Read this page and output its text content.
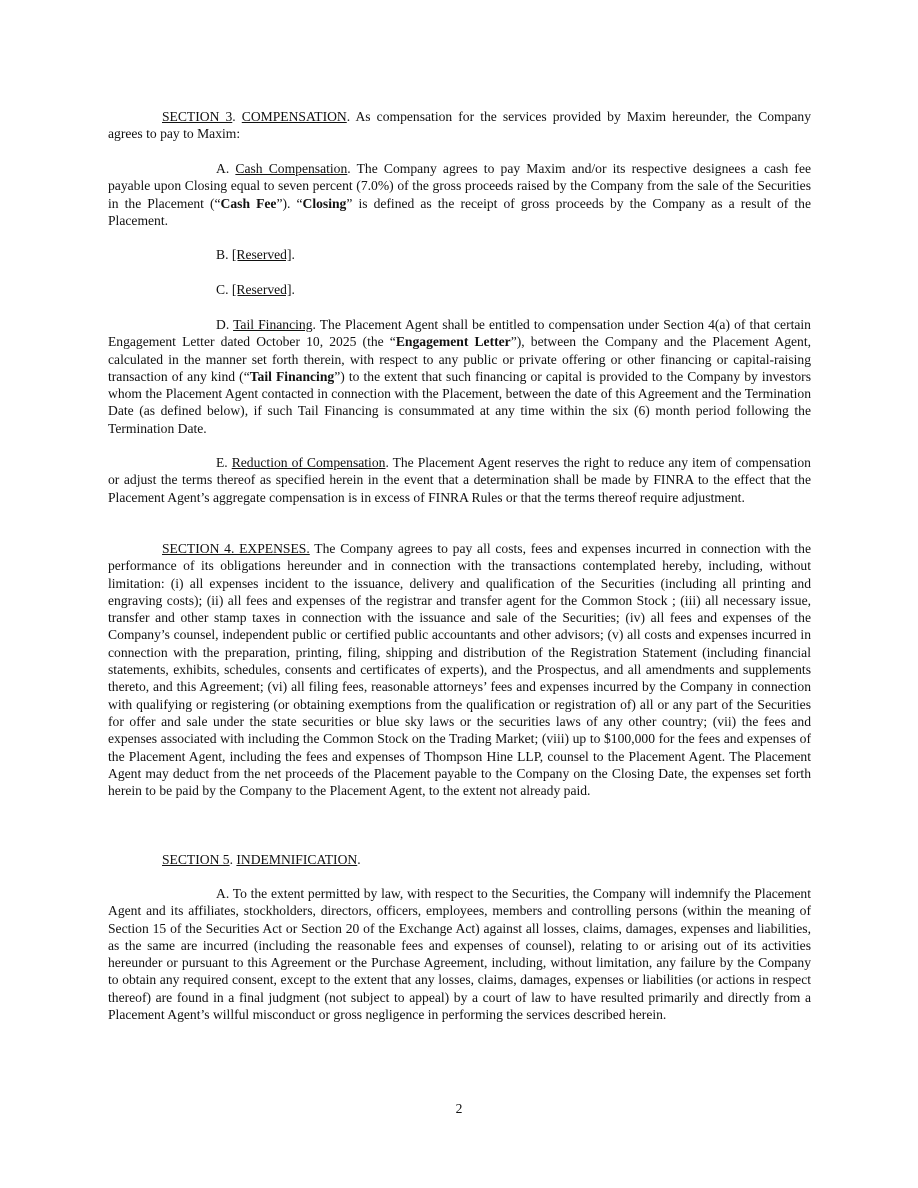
SECTION 3. COMPENSATION. As compensation for the services provided by Maxim hereunder, the Company agrees to pay to Maxim:

A. Cash Compensation. The Company agrees to pay Maxim and/or its respective designees a cash fee payable upon Closing equal to seven percent (7.0%) of the gross proceeds raised by the Company from the sale of the Securities in the Placement (“Cash Fee”). “Closing” is defined as the receipt of gross proceeds by the Company as a result of the Placement.

B. [Reserved].

C. [Reserved].

D. Tail Financing. The Placement Agent shall be entitled to compensation under Section 4(a) of that certain Engagement Letter dated October 10, 2025 (the “Engagement Letter”), between the Company and the Placement Agent, calculated in the manner set forth therein, with respect to any public or private offering or other financing or capital-raising transaction of any kind (“Tail Financing”) to the extent that such financing or capital is provided to the Company by investors whom the Placement Agent contacted in connection with the Placement, between the date of this Agreement and the Termination Date (as defined below), if such Tail Financing is consummated at any time within the six (6) month period following the Termination Date.

E. Reduction of Compensation. The Placement Agent reserves the right to reduce any item of compensation or adjust the terms thereof as specified herein in the event that a determination shall be made by FINRA to the effect that the Placement Agent’s aggregate compensation is in excess of FINRA Rules or that the terms thereof require adjustment.

SECTION 4. EXPENSES. The Company agrees to pay all costs, fees and expenses incurred in connection with the performance of its obligations hereunder and in connection with the transactions contemplated hereby, including, without limitation: (i) all expenses incident to the issuance, delivery and qualification of the Securities (including all printing and engraving costs); (ii) all fees and expenses of the registrar and transfer agent for the Common Stock ; (iii) all necessary issue, transfer and other stamp taxes in connection with the issuance and sale of the Securities; (iv) all fees and expenses of the Company’s counsel, independent public or certified public accountants and other advisors; (v) all costs and expenses incurred in connection with the preparation, printing, filing, shipping and distribution of the Registration Statement (including financial statements, exhibits, schedules, consents and certificates of experts), and the Prospectus, and all amendments and supplements thereto, and this Agreement; (vi) all filing fees, reasonable attorneys’ fees and expenses incurred by the Company in connection with qualifying or registering (or obtaining exemptions from the qualification or registration of) all or any part of the Securities for offer and sale under the state securities or blue sky laws or the securities laws of any other country; (vii) the fees and expenses associated with including the Common Stock on the Trading Market; (viii) up to $100,000 for the fees and expenses of the Placement Agent, including the fees and expenses of Thompson Hine LLP, counsel to the Placement Agent. The Placement Agent may deduct from the net proceeds of the Placement payable to the Company on the Closing Date, the expenses set forth herein to be paid by the Company to the Placement Agent, to the extent not already paid.

SECTION 5. INDEMNIFICATION.

A. To the extent permitted by law, with respect to the Securities, the Company will indemnify the Placement Agent and its affiliates, stockholders, directors, officers, employees, members and controlling persons (within the meaning of Section 15 of the Securities Act or Section 20 of the Exchange Act) against all losses, claims, damages, expenses and liabilities, as the same are incurred (including the reasonable fees and expenses of counsel), relating to or arising out of its activities hereunder or pursuant to this Agreement or the Purchase Agreement, including, without limitation, any failure by the Company to obtain any required consent, except to the extent that any losses, claims, damages, expenses or liabilities (or actions in respect thereof) are found in a final judgment (not subject to appeal) by a court of law to have resulted primarily and directly from a Placement Agent’s willful misconduct or gross negligence in performing the services described herein.

2
